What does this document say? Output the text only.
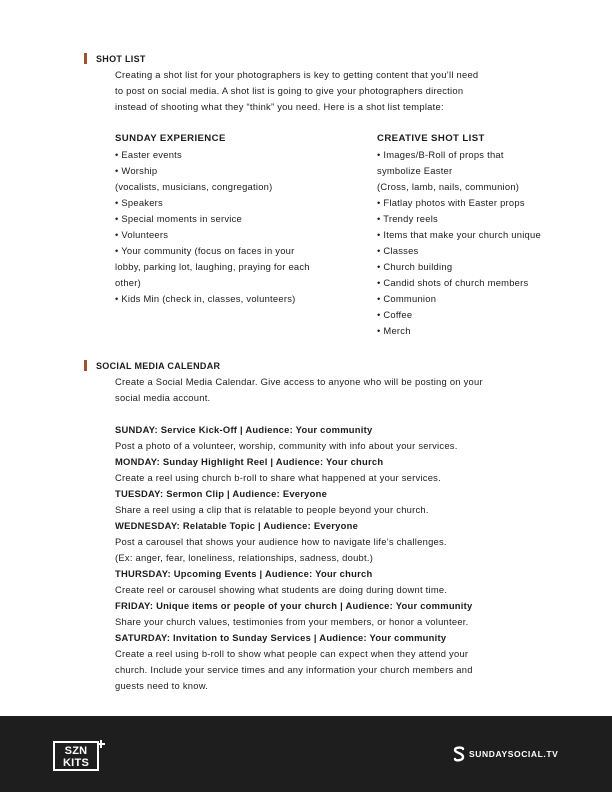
SHOT LIST
Creating a shot list for your photographers is key to getting content that you’ll need
to post on social media. A shot list is going to give your photographers direction
instead of shooting what they “think” you need. Here is a shot list template:
SUNDAY EXPERIENCE
• Easter events
• Worship
(vocalists, musicians, congregation)
• Speakers
• Special moments in service
• Volunteers
• Your community (focus on faces in your
lobby, parking lot, laughing, praying for each
other)
• Kids Min (check in, classes, volunteers)
CREATIVE SHOT LIST
• Images/B-Roll of props that
symbolize Easter
(Cross, lamb, nails, communion)
• Flatlay photos with Easter props
• Trendy reels
• Items that make your church unique
• Classes
• Church building
• Candid shots of church members
• Communion
• Coffee
• Merch
SOCIAL MEDIA CALENDAR
Create a Social Media Calendar. Give access to anyone who will be posting on your
social media account.
SUNDAY: Service Kick-Off | Audience: Your community
Post a photo of a volunteer, worship, community with info about your services.
MONDAY: Sunday Highlight Reel | Audience: Your church
Create a reel using church b-roll to share what happened at your services.
TUESDAY: Sermon Clip | Audience: Everyone
Share a reel using a clip that is relatable to people beyond your church.
WEDNESDAY: Relatable Topic | Audience: Everyone
Post a carousel that shows your audience how to navigate life’s challenges.
(Ex: anger, fear, loneliness, relationships, sadness, doubt.)
THURSDAY: Upcoming Events | Audience: Your church
Create reel or carousel showing what students are doing during downt time.
FRIDAY: Unique items or people of your church | Audience: Your community
Share your church values, testimonies from your members, or honor a volunteer.
SATURDAY: Invitation to Sunday Services | Audience: Your community
Create a reel using b-roll to show what people can expect when they attend your
church. Include your service times and any information your church members and
guests need to know.
SZN
KITS
SUNDAYSOCIAL.TV
